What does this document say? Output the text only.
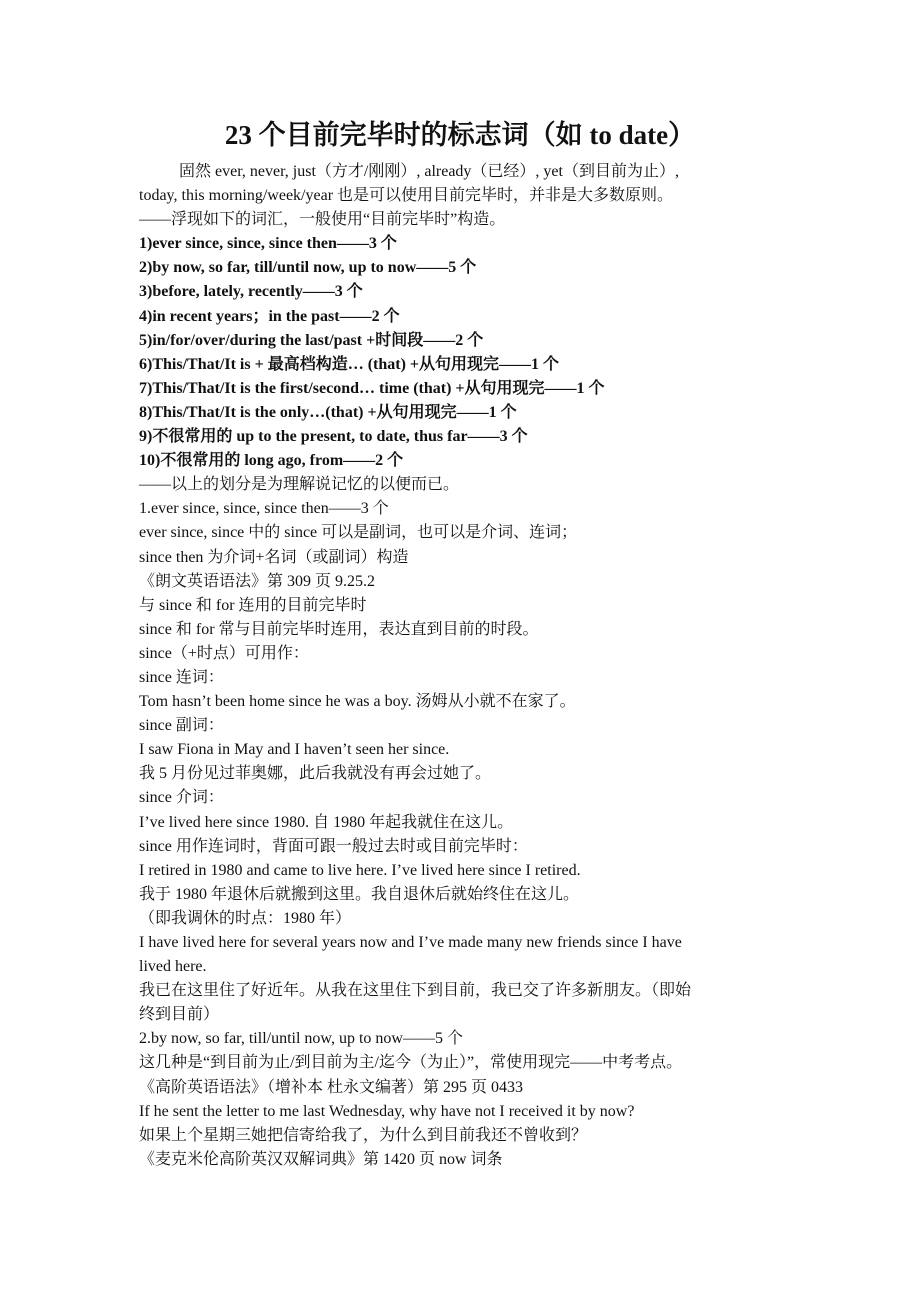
23 个目前完毕时的标志词（如 to date）
固然 ever, never, just（方才/刚刚）, already（已经）, yet（到目前为止）,
today, this morning/week/year 也是可以使用目前完毕时，并非是大多数原则。
——浮现如下的词汇，一般使用“目前完毕时”构造。
1)ever since, since, since then——3 个
2)by now, so far, till/until now, up to now——5 个
3)before, lately, recently——3 个
4)in recent years；in the past——2 个
5)in/for/over/during the last/past +时间段——2 个
6)This/That/It is + 最高档构造… (that) +从句用现完——1 个
7)This/That/It is the first/second… time (that) +从句用现完——1 个
8)This/That/It is the only…(that) +从句用现完——1 个
9)不很常用的 up to the present, to date, thus far——3 个
10)不很常用的 long ago, from——2 个
——以上的划分是为理解说记忆的以便而已。
1.ever since, since, since then——3 个
ever since, since 中的 since 可以是副词，也可以是介词、连词；
since then 为介词+名词（或副词）构造
《朗文英语语法》第 309 页 9.25.2
与 since 和 for 连用的目前完毕时
since 和 for 常与目前完毕时连用，表达直到目前的时段。
since（+时点）可用作：
since 连词：
Tom hasn’t been home since he was a boy. 汤姆从小就不在家了。
since 副词：
I saw Fiona in May and I haven’t seen her since.
我 5 月份见过菲奥娜，此后我就没有再会过她了。
since 介词：
I’ve lived here since 1980. 自 1980 年起我就住在这儿。
since 用作连词时，背面可跟一般过去时或目前完毕时：
I retired in 1980 and came to live here. I’ve lived here since I retired.
我于 1980 年退休后就搬到这里。我自退休后就始终住在这儿。
（即我调休的时点：1980 年）
I have lived here for several years now and I’ve made many new friends since I have
lived here.
我已在这里住了好近年。从我在这里住下到目前，我已交了许多新朋友。（即始
终到目前）
2.by now, so far, till/until now, up to now——5 个
这几种是“到目前为止/到目前为主/迄今（为止）”，常使用现完——中考考点。
《高阶英语语法》（增补本 杜永文编著）第 295 页 0433
If he sent the letter to me last Wednesday, why have not I received it by now?
如果上个星期三她把信寄给我了，为什么到目前我还不曾收到？
《麦克米伦高阶英汉双解词典》第 1420 页 now 词条
